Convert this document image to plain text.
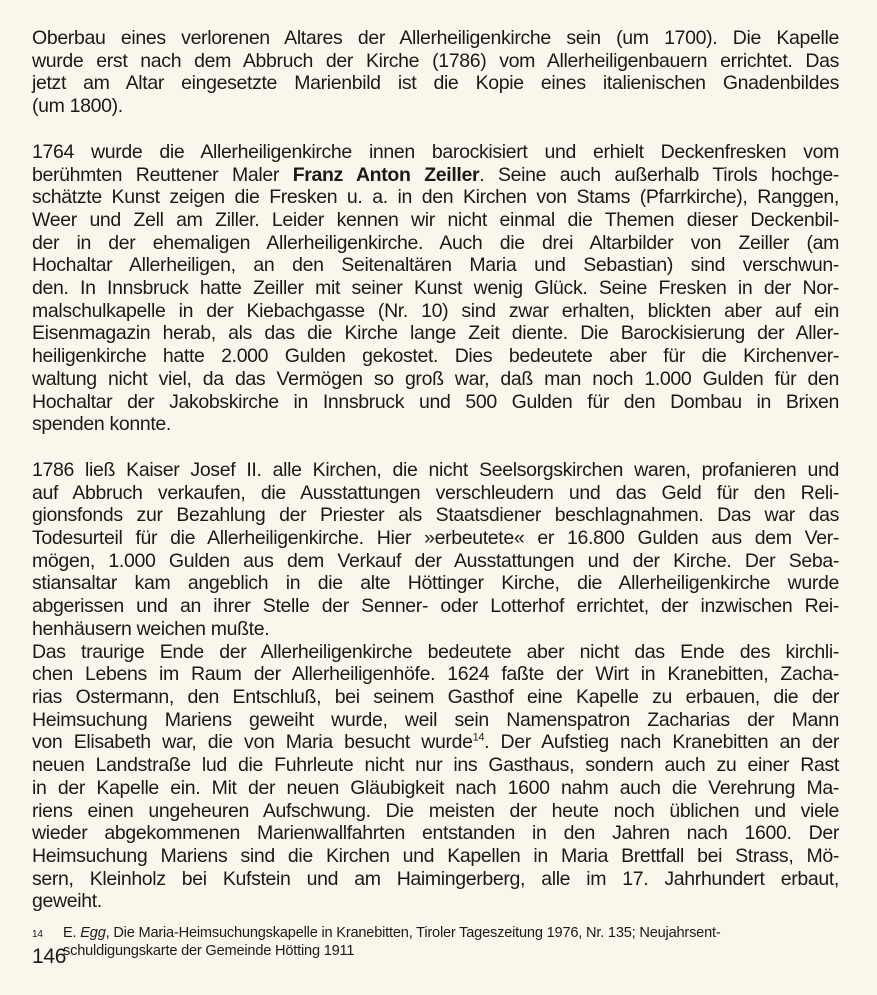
Oberbau eines verlorenen Altares der Allerheiligenkirche sein (um 1700). Die Kapelle
wurde erst nach dem Abbruch der Kirche (1786) vom Allerheiligenbauern errichtet. Das
jetzt am Altar eingesetzte Marienbild ist die Kopie eines italienischen Gnadenbildes
(um 1800).
1764 wurde die Allerheiligenkirche innen barockisiert und erhielt Deckenfresken vom
berühmten Reuttener Maler Franz Anton Zeiller. Seine auch außerhalb Tirols hochge-
schätzte Kunst zeigen die Fresken u. a. in den Kirchen von Stams (Pfarrkirche), Ranggen,
Weer und Zell am Ziller. Leider kennen wir nicht einmal die Themen dieser Deckenbil-
der in der ehemaligen Allerheiligenkirche. Auch die drei Altarbilder von Zeiller (am
Hochaltar Allerheiligen, an den Seitenaltären Maria und Sebastian) sind verschwun-
den. In Innsbruck hatte Zeiller mit seiner Kunst wenig Glück. Seine Fresken in der Nor-
malschulkapelle in der Kiebachgasse (Nr. 10) sind zwar erhalten, blickten aber auf ein
Eisenmagazin herab, als das die Kirche lange Zeit diente. Die Barockisierung der Aller-
heiligenkirche hatte 2.000 Gulden gekostet. Dies bedeutete aber für die Kirchenver-
waltung nicht viel, da das Vermögen so groß war, daß man noch 1.000 Gulden für den
Hochaltar der Jakobskirche in Innsbruck und 500 Gulden für den Dombau in Brixen
spenden konnte.
1786 ließ Kaiser Josef II. alle Kirchen, die nicht Seelsorgskirchen waren, profanieren und
auf Abbruch verkaufen, die Ausstattungen verschleudern und das Geld für den Reli-
gionsfonds zur Bezahlung der Priester als Staatsdiener beschlagnahmen. Das war das
Todesurteil für die Allerheiligenkirche. Hier »erbeutete« er 16.800 Gulden aus dem Ver-
mögen, 1.000 Gulden aus dem Verkauf der Ausstattungen und der Kirche. Der Seba-
stiansaltar kam angeblich in die alte Höttinger Kirche, die Allerheiligenkirche wurde
abgerissen und an ihrer Stelle der Senner- oder Lotterhof errichtet, der inzwischen Rei-
henhäusern weichen mußte.
Das traurige Ende der Allerheiligenkirche bedeutete aber nicht das Ende des kirchli-
chen Lebens im Raum der Allerheiligenhöfe. 1624 faßte der Wirt in Kranebitten, Zacha-
rias Ostermann, den Entschluß, bei seinem Gasthof eine Kapelle zu erbauen, die der
Heimsuchung Mariens geweiht wurde, weil sein Namenspatron Zacharias der Mann
von Elisabeth war, die von Maria besucht wurde$^{14}$. Der Aufstieg nach Kranebitten an der
neuen Landstraße lud die Fuhrleute nicht nur ins Gasthaus, sondern auch zu einer Rast
in der Kapelle ein. Mit der neuen Gläubigkeit nach 1600 nahm auch die Verehrung Ma-
riens einen ungeheuren Aufschwung. Die meisten der heute noch üblichen und viele
wieder abgekommenen Marienwallfahrten entstanden in den Jahren nach 1600. Der
Heimsuchung Mariens sind die Kirchen und Kapellen in Maria Brettfall bei Strass, Mö-
sern, Kleinholz bei Kufstein und am Haimingerberg, alle im 17. Jahrhundert erbaut,
geweiht.
14 E. Egg, Die Maria-Heimsuchungskapelle in Kranebitten, Tiroler Tageszeitung 1976, Nr. 135; Neujahrsent-
schuldigungskarte der Gemeinde Hötting 1911
146
